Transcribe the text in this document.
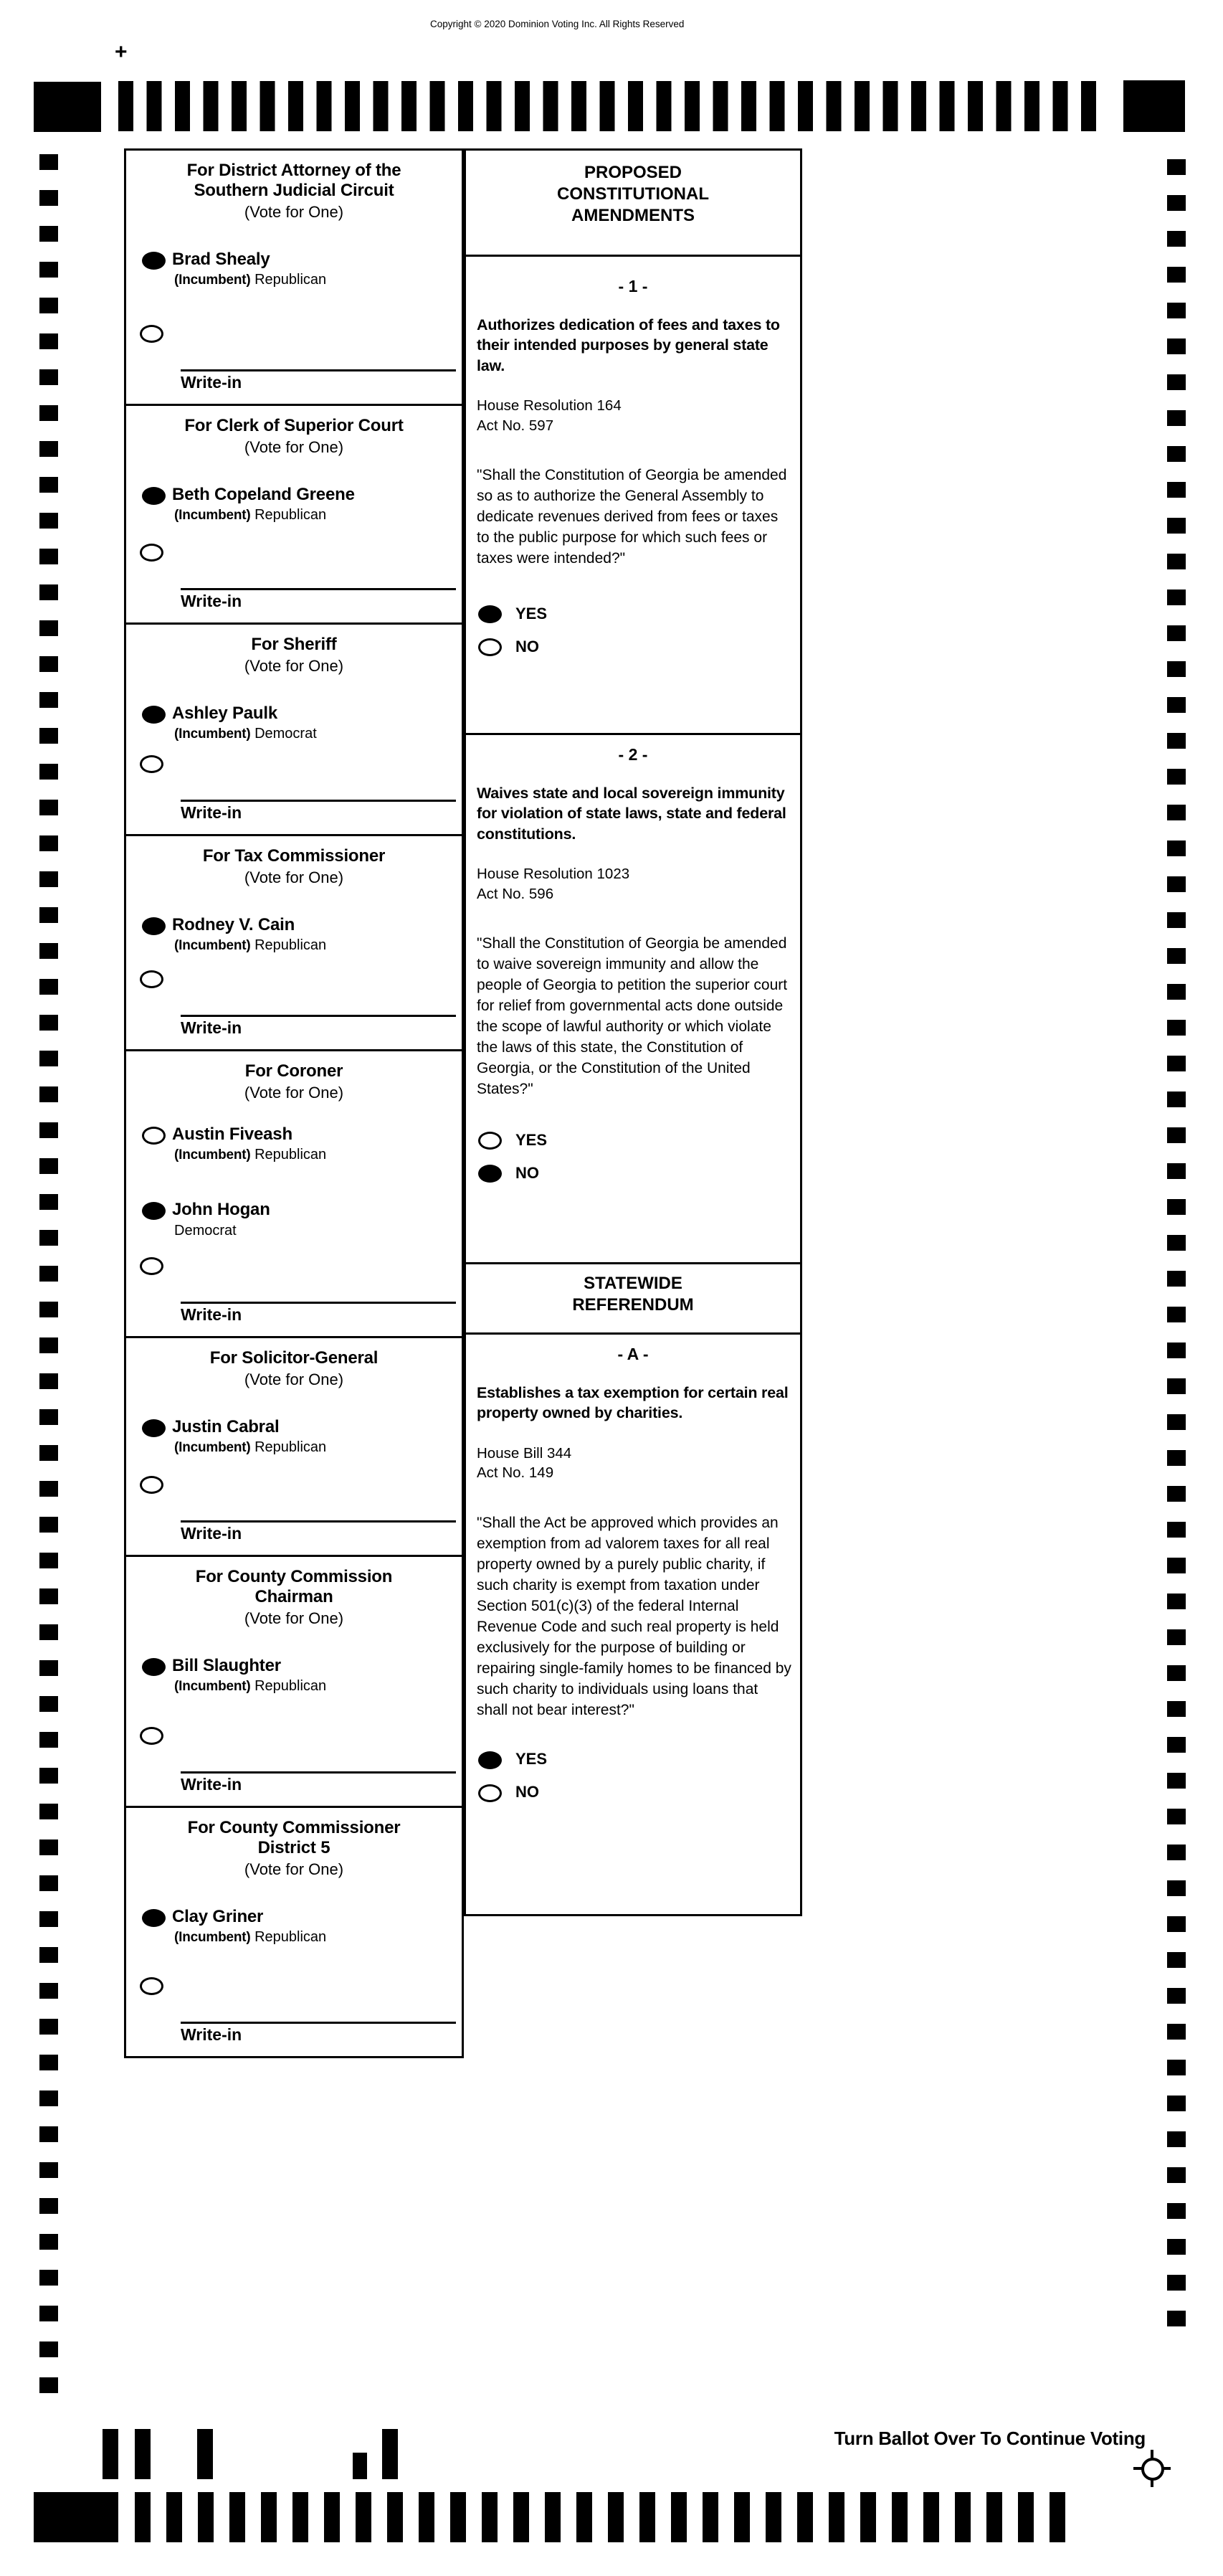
Copyright © 2020 Dominion Voting Inc. All Rights Reserved
+
For District Attorney of the
Southern Judicial Circuit
(Vote for One)
Brad Shealy
(Incumbent) Republican
Write-in
For Clerk of Superior Court
(Vote for One)
Beth Copeland Greene
(Incumbent) Republican
Write-in
For Sheriff
(Vote for One)
Ashley Paulk
(Incumbent) Democrat
Write-in
For Tax Commissioner
(Vote for One)
Rodney V. Cain
(Incumbent) Republican
Write-in
For Coroner
(Vote for One)
Austin Fiveash
(Incumbent) Republican
John Hogan
Democrat
Write-in
For Solicitor-General
(Vote for One)
Justin Cabral
(Incumbent) Republican
Write-in
For County Commission
Chairman
(Vote for One)
Bill Slaughter
(Incumbent) Republican
Write-in
For County Commissioner
District 5
(Vote for One)
Clay Griner
(Incumbent) Republican
Write-in
PROPOSED
CONSTITUTIONAL
AMENDMENTS
- 1 -
Authorizes dedication of fees and taxes to their intended purposes by general state law.
House Resolution 164
Act No. 597
"Shall the Constitution of Georgia be amended so as to authorize the General Assembly to dedicate revenues derived from fees or taxes to the public purpose for which such fees or taxes were intended?"
YES
NO
- 2 -
Waives state and local sovereign immunity for violation of state laws, state and federal constitutions.
House Resolution 1023
Act No. 596
"Shall the Constitution of Georgia be amended to waive sovereign immunity and allow the people of Georgia to petition the superior court for relief from governmental acts done outside the scope of lawful authority or which violate the laws of this state, the Constitution of Georgia, or the Constitution of the United States?"
YES
NO
STATEWIDE
REFERENDUM
- A -
Establishes a tax exemption for certain real property owned by charities.
House Bill 344
Act No. 149
"Shall the Act be approved which provides an exemption from ad valorem taxes for all real property owned by a purely public charity, if such charity is exempt from taxation under Section 501(c)(3) of the federal Internal Revenue Code and such real property is held exclusively for the purpose of building or repairing single-family homes to be financed by such charity to individuals using loans that shall not bear interest?"
YES
NO
51	Turn Ballot Over To Continue Voting
